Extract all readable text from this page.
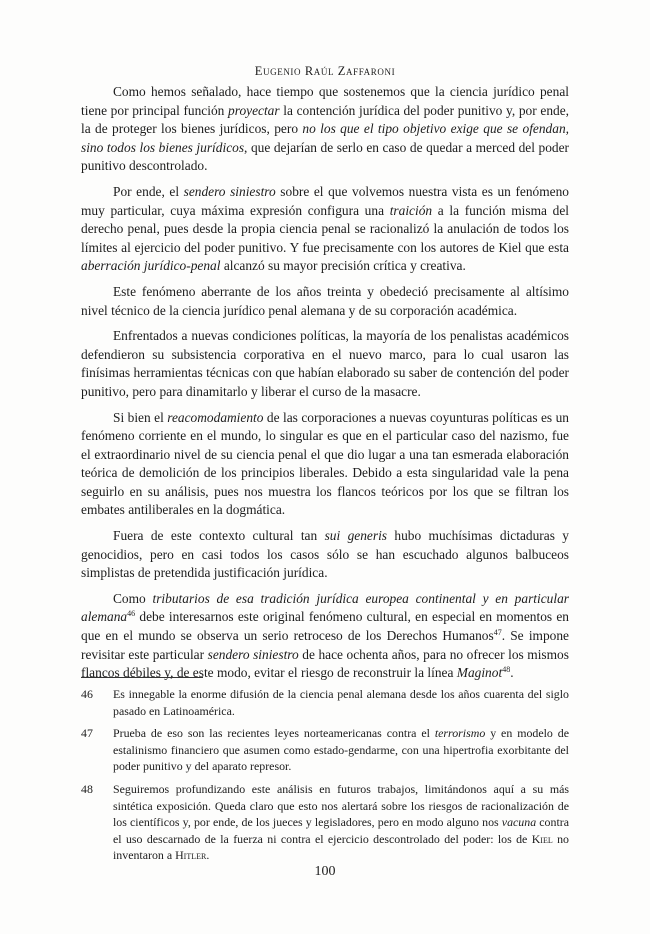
Eugenio Raúl Zaffaroni

Como hemos señalado, hace tiempo que sostenemos que la ciencia jurídico penal tiene por principal función proyectar la contención jurídica del poder punitivo y, por ende, la de proteger los bienes jurídicos, pero no los que el tipo objetivo exige que se ofendan, sino todos los bienes jurídicos, que dejarían de serlo en caso de quedar a merced del poder punitivo descontrolado.

Por ende, el sendero siniestro sobre el que volvemos nuestra vista es un fenómeno muy particular, cuya máxima expresión configura una traición a la función misma del derecho penal, pues desde la propia ciencia penal se racionalizó la anulación de todos los límites al ejercicio del poder punitivo. Y fue precisamente con los autores de Kiel que esta aberración jurídico-penal alcanzó su mayor precisión crítica y creativa.

Este fenómeno aberrante de los años treinta y obedeció precisamente al altísimo nivel técnico de la ciencia jurídico penal alemana y de su corporación académica.

Enfrentados a nuevas condiciones políticas, la mayoría de los penalistas académicos defendieron su subsistencia corporativa en el nuevo marco, para lo cual usaron las finísimas herramientas técnicas con que habían elaborado su saber de contención del poder punitivo, pero para dinamitarlo y liberar el curso de la masacre.

Si bien el reacomodamiento de las corporaciones a nuevas coyunturas políticas es un fenómeno corriente en el mundo, lo singular es que en el particular caso del nazismo, fue el extraordinario nivel de su ciencia penal el que dio lugar a una tan esmerada elaboración teórica de demolición de los principios liberales. Debido a esta singularidad vale la pena seguirlo en su análisis, pues nos muestra los flancos teóricos por los que se filtran los embates antiliberales en la dogmática.

Fuera de este contexto cultural tan sui generis hubo muchísimas dictaduras y genocidios, pero en casi todos los casos sólo se han escuchado algunos balbuceos simplistas de pretendida justificación jurídica.

Como tributarios de esa tradición jurídica europea continental y en particular alemana$^{46}$ debe interesarnos este original fenómeno cultural, en especial en momentos en que en el mundo se observa un serio retroceso de los Derechos Humanos$^{47}$. Se impone revisitar este particular sendero siniestro de hace ochenta años, para no ofrecer los mismos flancos débiles y, de este modo, evitar el riesgo de reconstruir la línea Maginot$^{48}$.

46	Es innegable la enorme difusión de la ciencia penal alemana desde los años cuarenta del siglo pasado en Latinoamérica.
47	Prueba de eso son las recientes leyes norteamericanas contra el terrorismo y en modelo de estalinismo financiero que asumen como estado-gendarme, con una hipertrofia exorbitante del poder punitivo y del aparato represor.
48	Seguiremos profundizando este análisis en futuros trabajos, limitándonos aquí a su más sintética exposición. Queda claro que esto nos alertará sobre los riesgos de racionalización de los científicos y, por ende, de los jueces y legisladores, pero en modo alguno nos vacuna contra el uso descarnado de la fuerza ni contra el ejercicio descontrolado del poder: los de Kiel no inventaron a Hitler.
100
